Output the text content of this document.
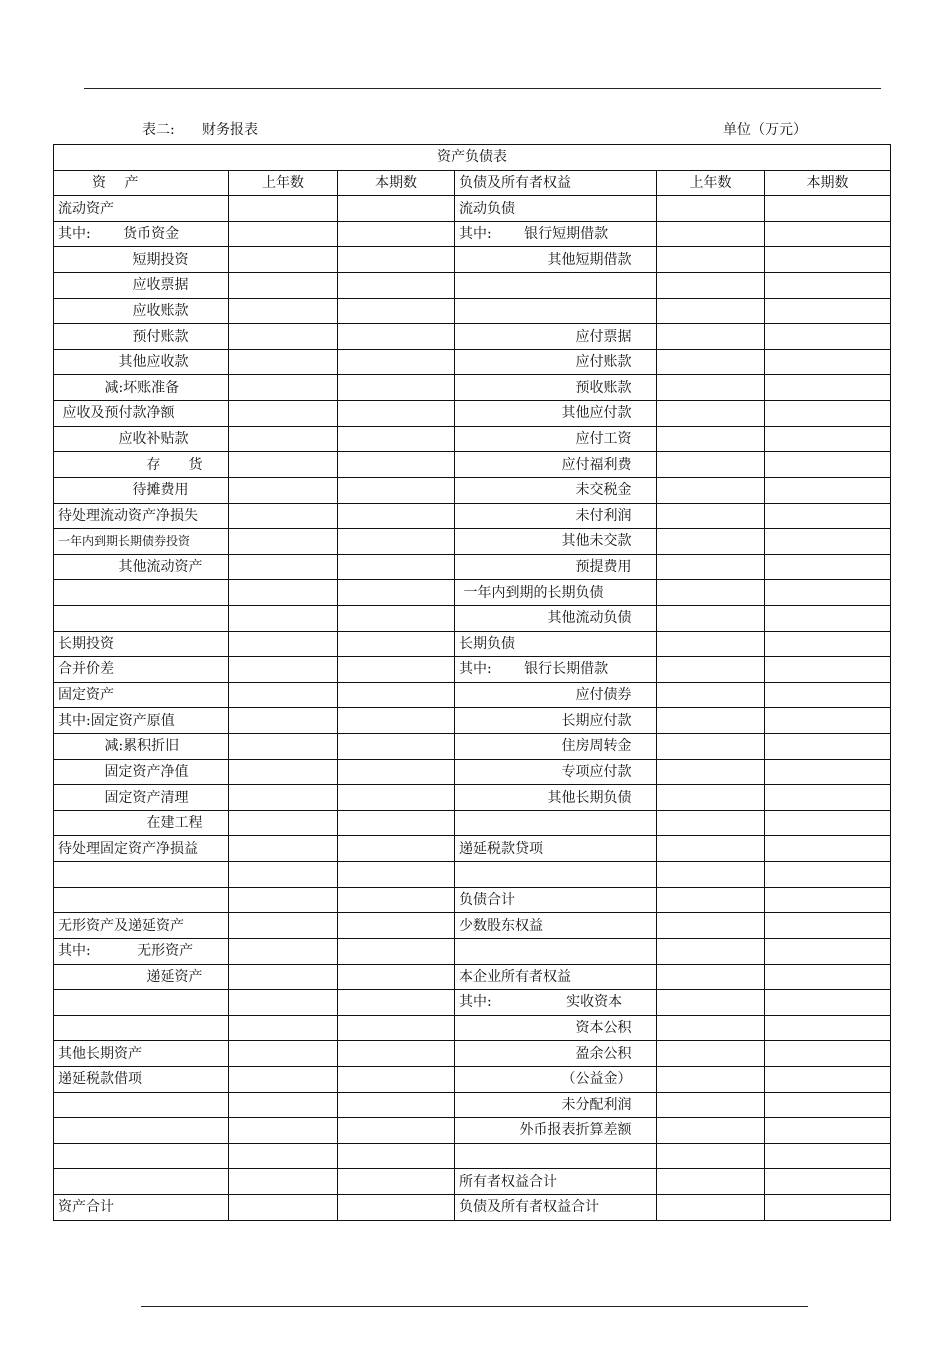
表二: 财务报表	单位（万元）
资产负债表					
资　 产	上年数	本期数	负债及所有者权益	上年数	本期数
流动资产			流动负债		
其中:　　 货币资金			其中:　　 银行短期借款		
　　　　　 短期投资			　　　　　　 其他短期借款		
　　　　　 应收票据					
　　　　　 应收账款					
　　　　　 预付账款			　　　　　　　　 应付票据		
　　　　 其他应收款			　　　　　　　　 应付账款		
　　　 减:坏账准备			　　　　　　　　 预收账款		
应收及预付款净额			　　　　　　　 其他应付款		
　　　　 应收补贴款			　　　　　　　　 应付工资		
　　　　　　 存　　货			　　　　　　　 应付福利费		
　　　　　 待摊费用			　　　　　　　　 未交税金		
待处理流动资产净损失			　　　　　　　　 未付利润		
一年内到期长期债券投资			　　　　　　　 其他未交款		
　　　　 其他流动资产			　　　　　　　　 预提费用		
			一年内到期的长期负债		
			　　　　　　 其他流动负债		
长期投资			长期负债		
合并价差			其中:　　 银行长期借款		
固定资产			　　　　　　　　 应付债券		
其中:固定资产原值			　　　　　　　 长期应付款		
　　　 减:累积折旧			　　　　　　　 住房周转金		
　　　 固定资产净值			　　　　　　　 专项应付款		
　　　 固定资产清理			　　　　　　 其他长期负债		
　　　　　　 在建工程					
待处理固定资产净损益			递延税款贷项		

			负债合计		
无形资产及递延资产			少数股东权益		
其中:　　　 无形资产					
　　　　　　 递延资产			本企业所有者权益		
			其中:　　　　　 实收资本		
			　　　　　　　　 资本公积		
其他长期资产			　　　　　　　　 盈余公积		
递延税款借项			　　　　　　　 （公益金）		
			　　　　　　　 未分配利润		
			　　　　 外币报表折算差额		

			所有者权益合计		
资产合计			负债及所有者权益合计		
